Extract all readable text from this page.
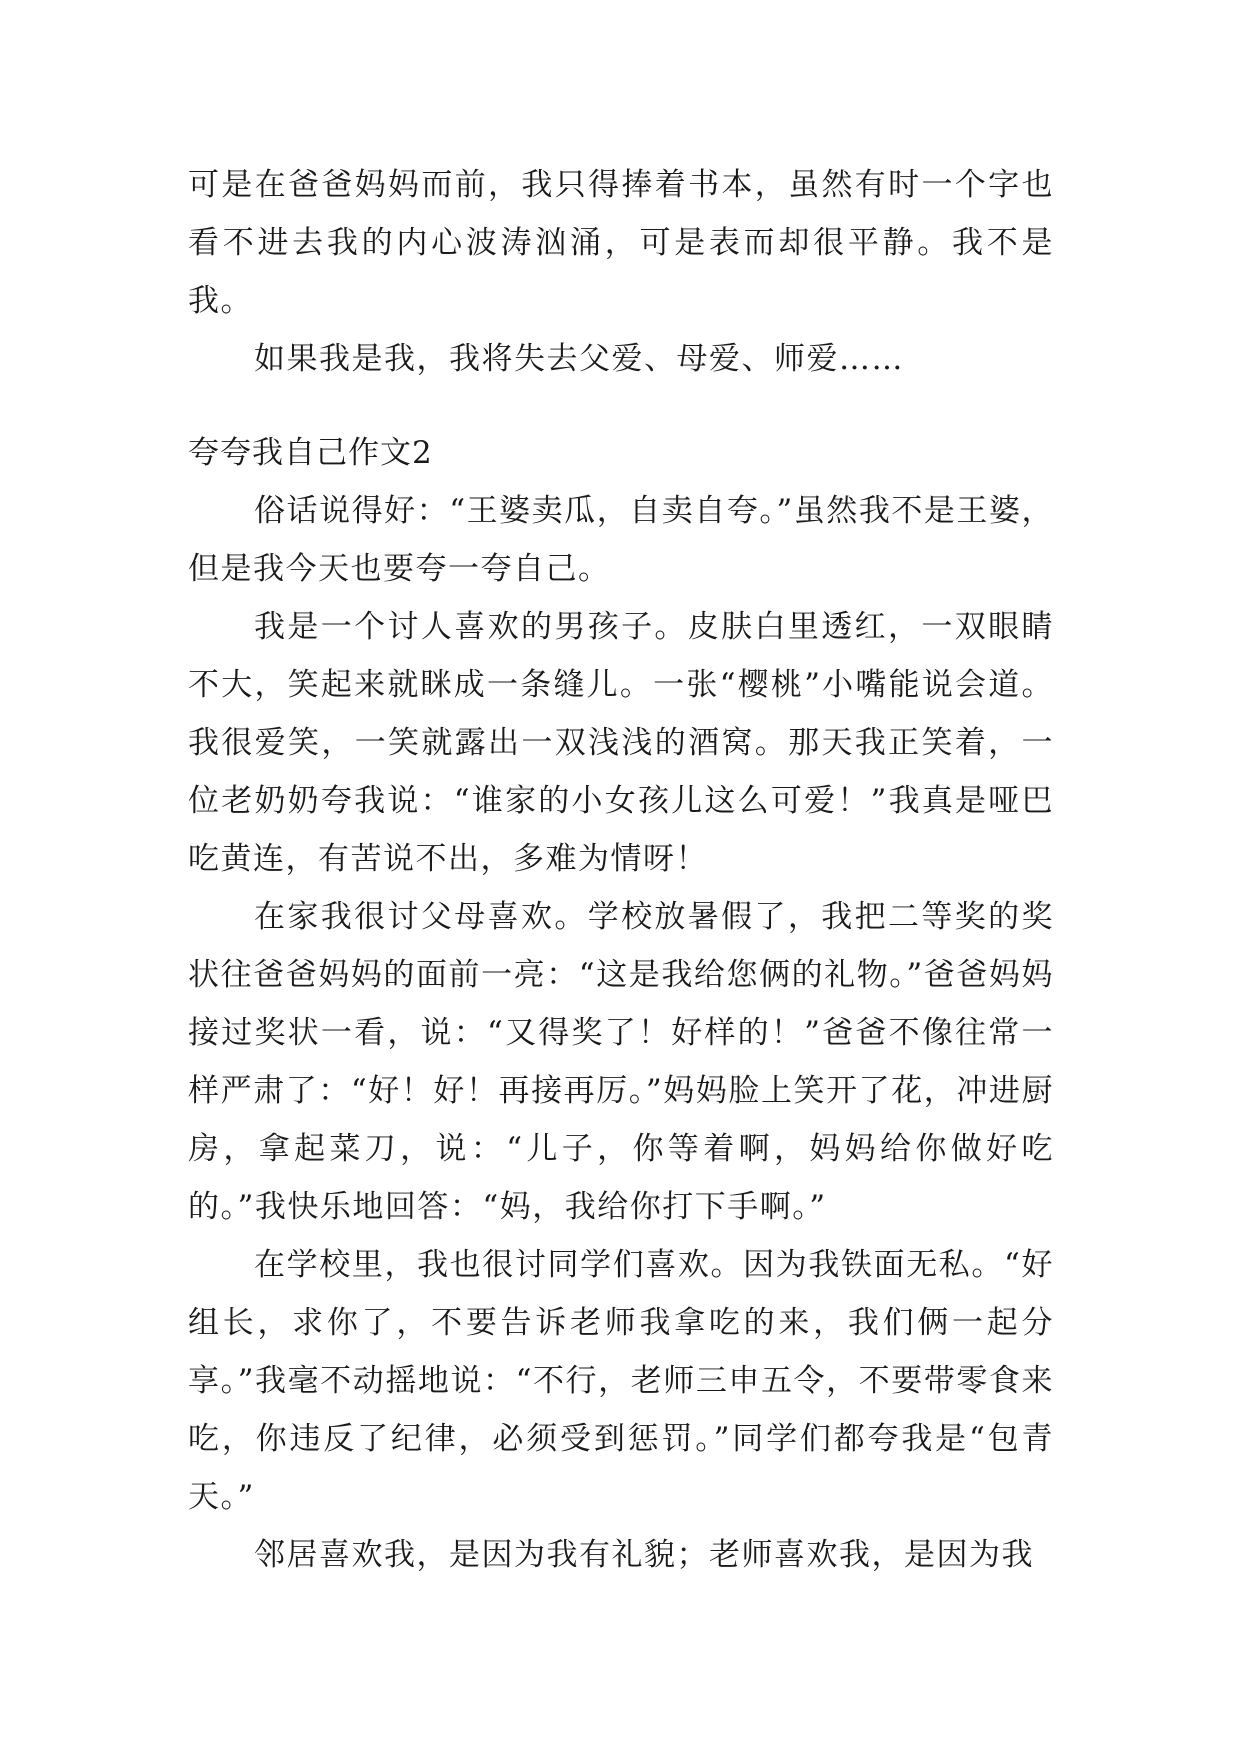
可是在爸爸妈妈而前，我只得捧着书本，虽然有时一个字也看不进去我的内心波涛汹涌，可是表而却很平静。我不是我。

如果我是我，我将失去父爱、母爱、师爱……

夸夸我自己作文2

俗话说得好：“王婆卖瓜，自卖自夸。”虽然我不是王婆，但是我今天也要夸一夸自己。

我是一个讨人喜欢的男孩子。皮肤白里透红，一双眼睛不大，笑起来就眯成一条缝儿。一张“樱桃”小嘴能说会道。我很爱笑，一笑就露出一双浅浅的酒窝。那天我正笑着，一位老奶奶夸我说：“谁家的小女孩儿这么可爱！”我真是哑巴吃黄连，有苦说不出，多难为情呀！

在家我很讨父母喜欢。学校放暑假了，我把二等奖的奖状往爸爸妈妈的面前一亮：“这是我给您俩的礼物。”爸爸妈妈接过奖状一看，说：“又得奖了！好样的！”爸爸不像往常一样严肃了：“好！好！再接再厉。”妈妈脸上笑开了花，冲进厨房，拿起菜刀，说：“儿子，你等着啊，妈妈给你做好吃的。”我快乐地回答：“妈，我给你打下手啊。”

在学校里，我也很讨同学们喜欢。因为我铁面无私。“好组长，求你了，不要告诉老师我拿吃的来，我们俩一起分享。”我毫不动摇地说：“不行，老师三申五令，不要带零食来吃，你违反了纪律，必须受到惩罚。”同学们都夸我是“包青天。”

邻居喜欢我，是因为我有礼貌；老师喜欢我，是因为我
